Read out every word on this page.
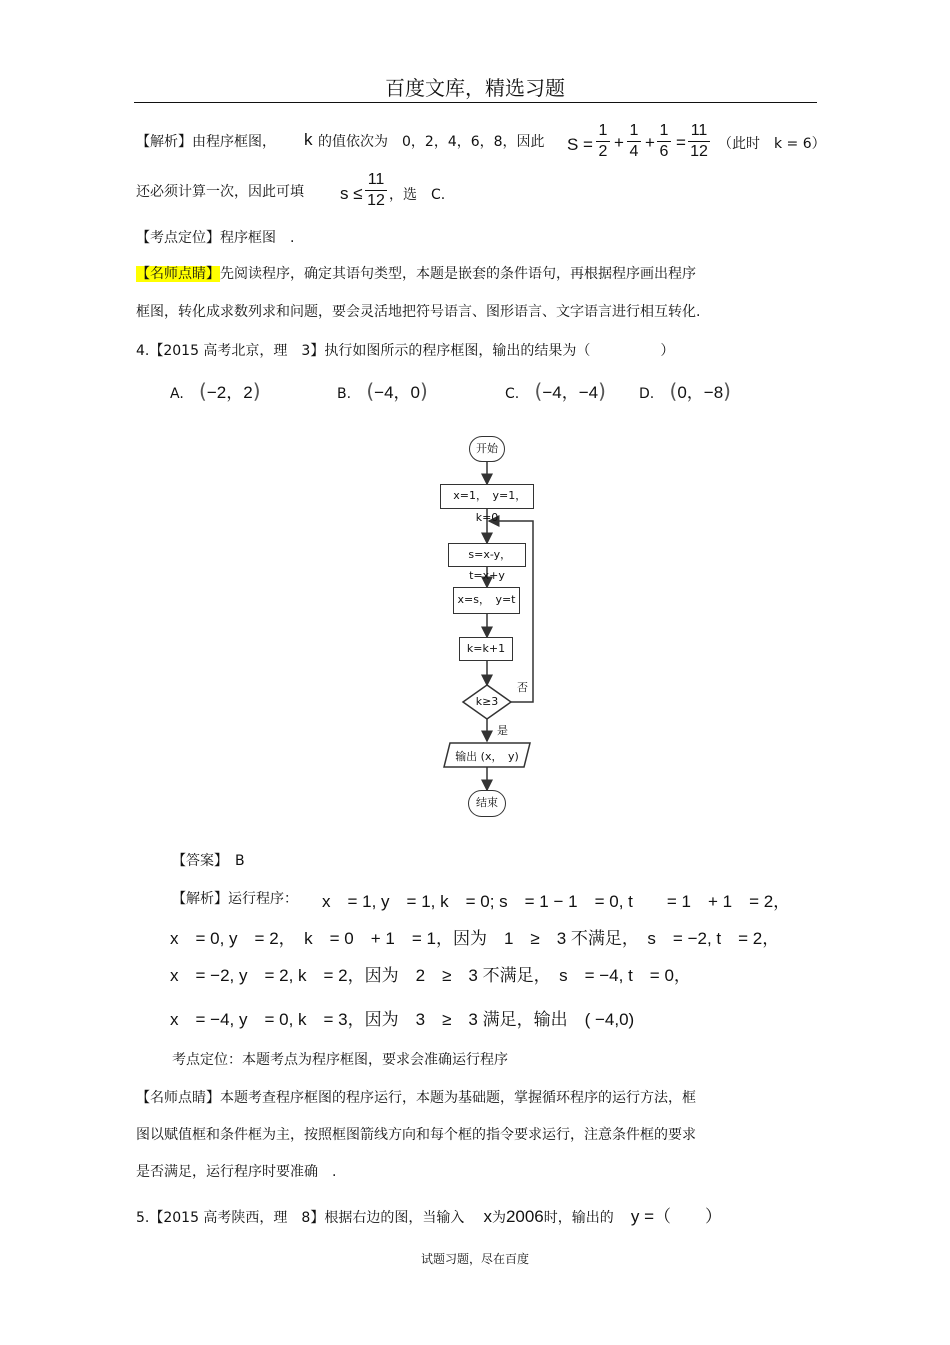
百度文库，精选习题
【解析】由程序框图， k 的值依次为　0，2，4，6，8，因此 S =
1
2 +
1
4 +
1
6 =
11
12 （此时　k = 6）
还必须计算一次，因此可填 s ≤
11
12 ，选　C.
【考点定位】程序框图　.
【名师点睛】先阅读程序，确定其语句类型，本题是嵌套的条件语句，再根据程序画出程序
框图，转化成求数列求和问题，要会灵活地把符号语言、图形语言、文字语言进行相互转化.
4.【2015 高考北京，理　3】执行如图所示的程序框图，输出的结果为（　　　　　）
A. (−2，2)	B. (−4，0)	C. (−4，−4) D. (0，−8)
开始
x=1，　y=1，　k=0
s=x-y，　t=x+y
x=s，　y=t
k=k+1
k≥3
否
是
输出 (x，　y)
结束
【答案】　B
【解析】运行程序： x　= 1, y　= 1, k　= 0; s　= 1 − 1　= 0, t　　= 1　+ 1　= 2，
x　= 0, y　= 2，　k　= 0　+ 1　= 1，因为　1　≥　3 不满足，　s　= −2, t　= 2，
x　= −2, y　= 2, k　= 2，因为　2　≥　3 不满足，　s　= −4, t　= 0，
x　= −4, y　= 0, k　= 3，因为　3　≥　3 满足，输出　( −4,0)
考点定位：本题考点为程序框图，要求会准确运行程序
【名师点睛】本题考查程序框图的程序运行，本题为基础题，掌握循环程序的运行方法，框
图以赋值框和条件框为主，按照框图箭线方向和每个框的指令要求运行，注意条件框的要求
是否满足，运行程序时要准确　.
5.【2015 高考陕西，理　8】根据右边的图，当输入 x为2006时，输出的 y =（　　）
试题习题，尽在百度
